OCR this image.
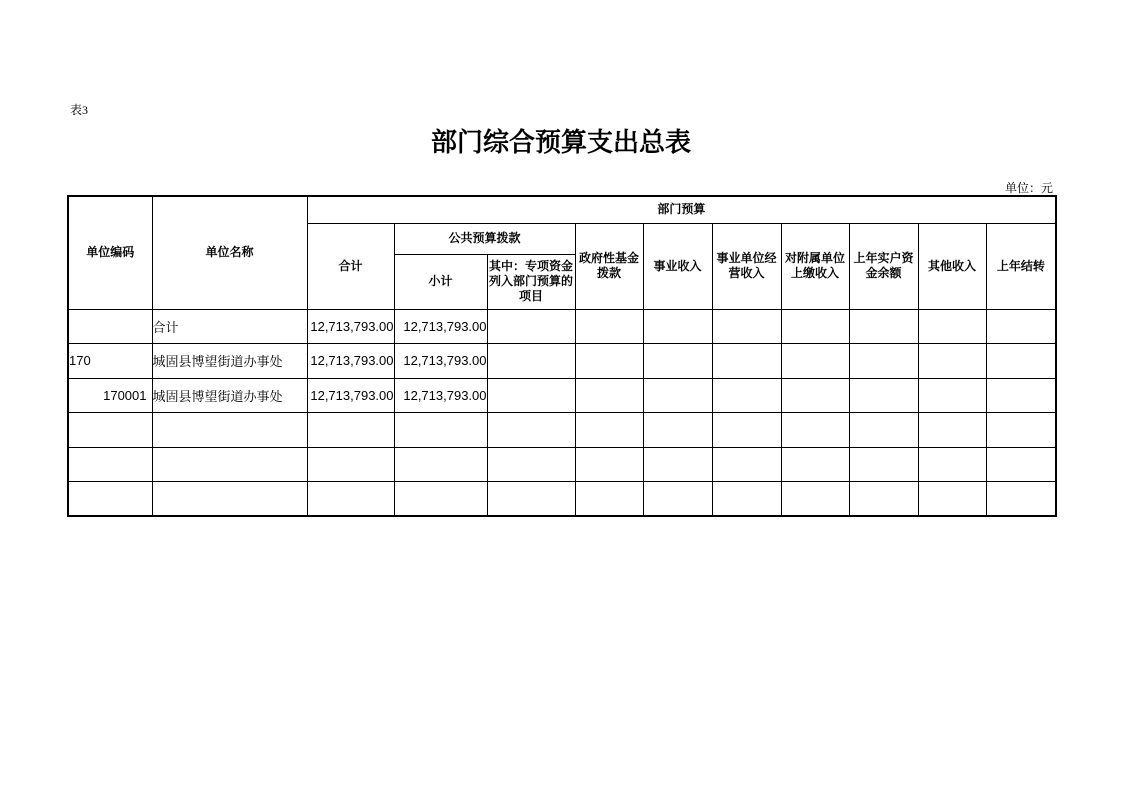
表3
部门综合预算支出总表
单位：元
单位编码	单位名称	部门预算									
		合计	公共预算拨款		政府性基金拨款	事业收入	事业单位经营收入	对附属单位上缴收入	上年实户资金余额	其他收入	上年结转
			小计	其中：专项资金列入部门预算的项目							
	合计	12,713,793.00	12,713,793.00								
170	城固县博望街道办事处	12,713,793.00	12,713,793.00								
170001	城固县博望街道办事处	12,713,793.00	12,713,793.00								
